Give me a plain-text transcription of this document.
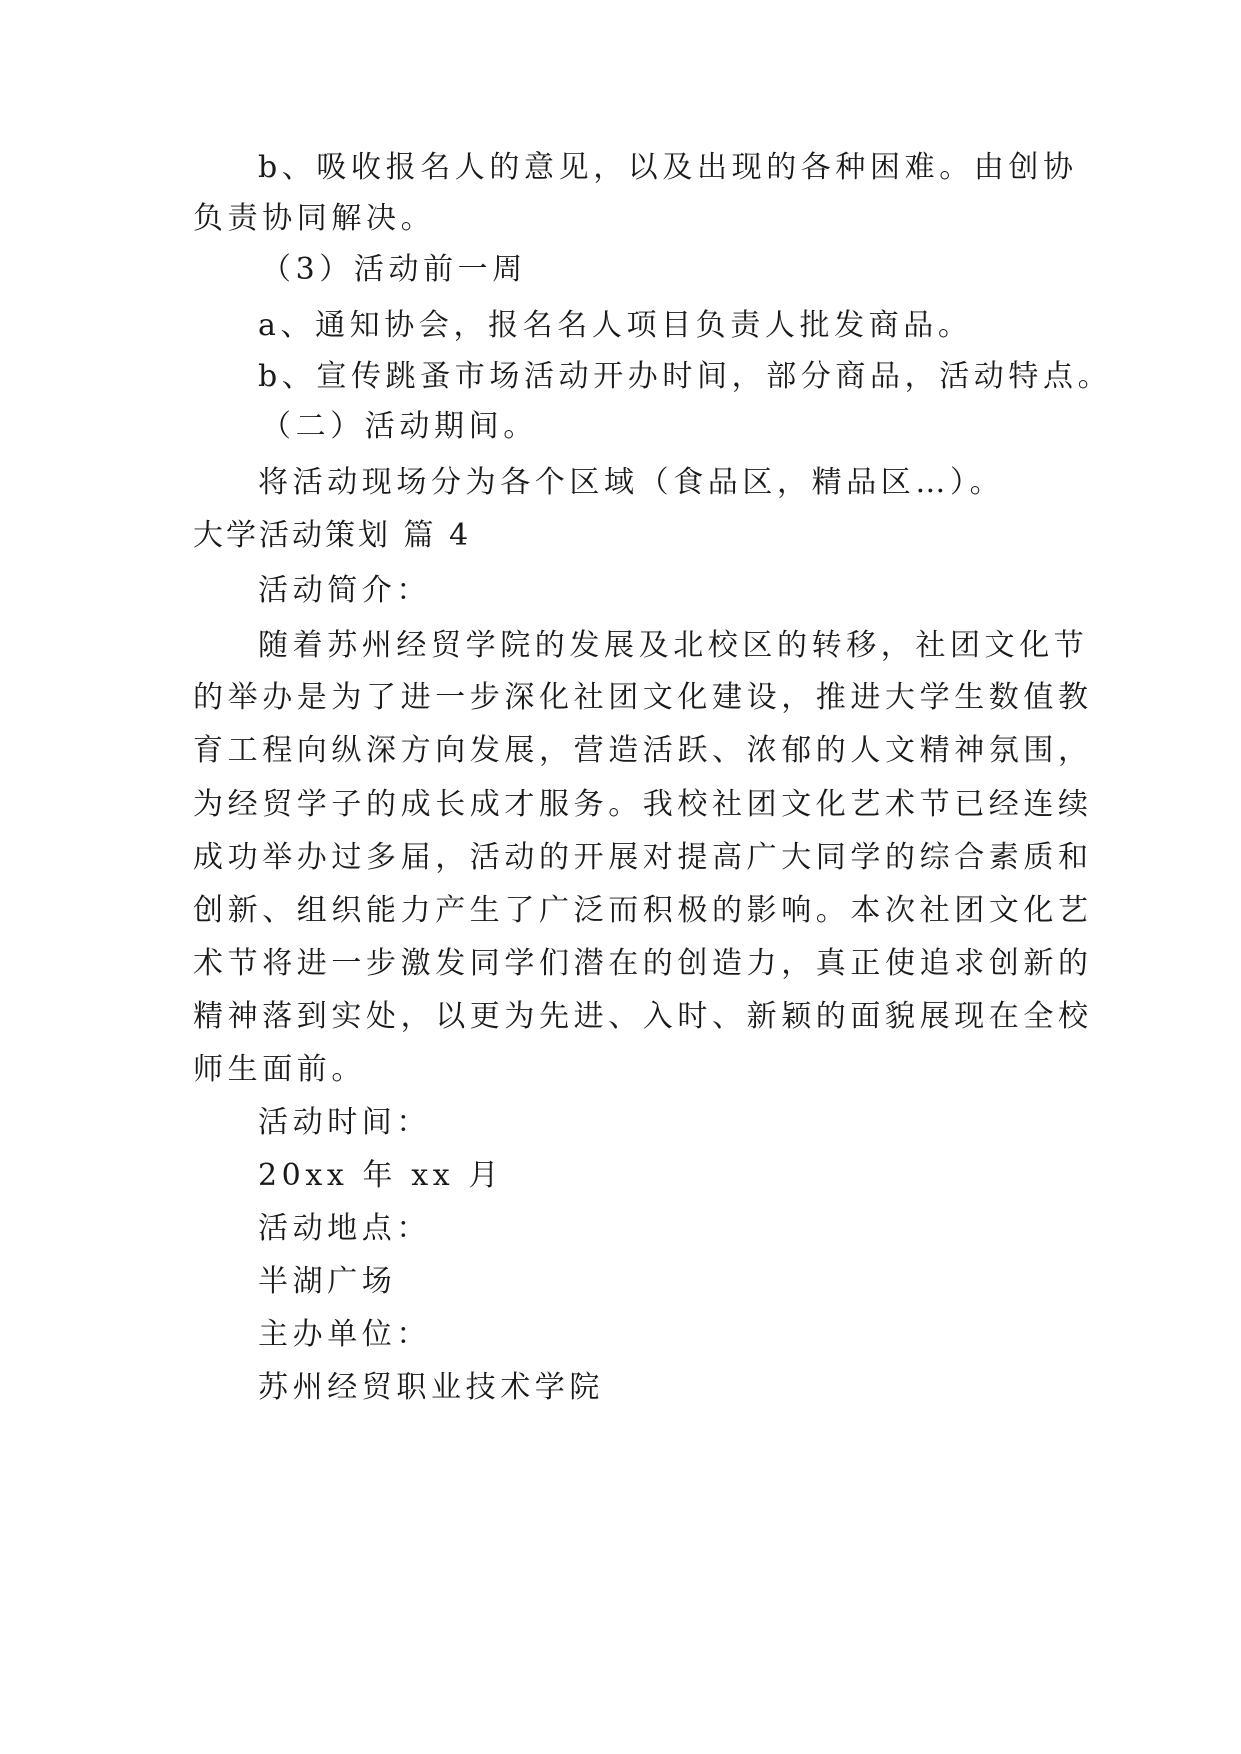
b、吸收报名人的意见，以及出现的各种困难。由创协

负责协同解决。

（3）活动前一周

a、通知协会，报名名人项目负责人批发商品。

b、宣传跳蚤市场活动开办时间，部分商品，活动特点。

（二）活动期间。

将活动现场分为各个区域（食品区，精品区…）。

大学活动策划 篇 4

活动简介：

随着苏州经贸学院的发展及北校区的转移，社团文化节

的举办是为了进一步深化社团文化建设，推进大学生数值教

育工程向纵深方向发展，营造活跃、浓郁的人文精神氛围，

为经贸学子的成长成才服务。我校社团文化艺术节已经连续

成功举办过多届，活动的开展对提高广大同学的综合素质和

创新、组织能力产生了广泛而积极的影响。本次社团文化艺

术节将进一步激发同学们潜在的创造力，真正使追求创新的

精神落到实处，以更为先进、入时、新颖的面貌展现在全校

师生面前。

活动时间：

20xx 年 xx 月

活动地点：

半湖广场

主办单位：

苏州经贸职业技术学院
